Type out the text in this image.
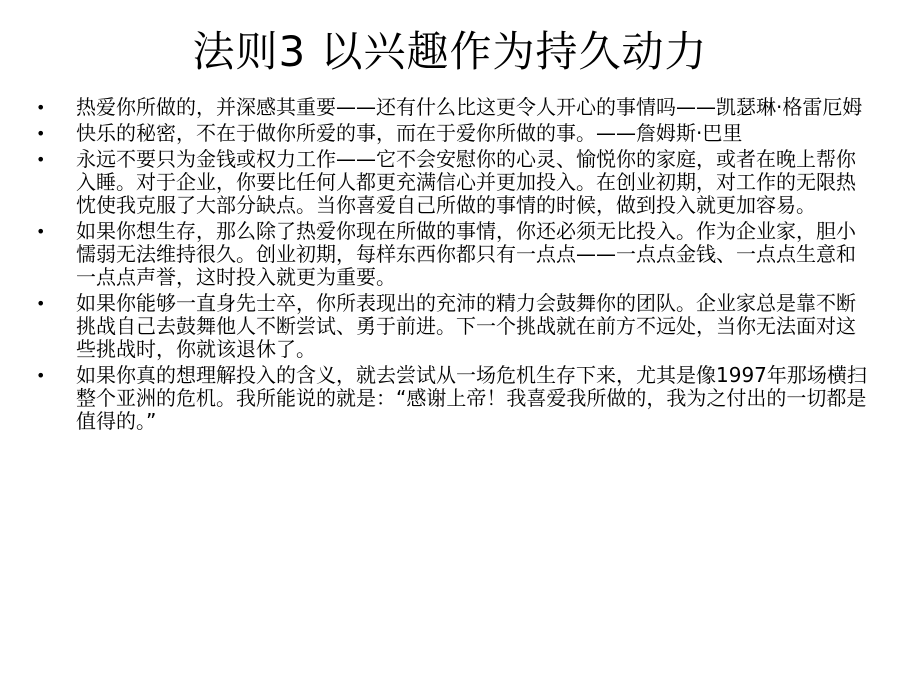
法则3 以兴趣作为持久动力
• 热爱你所做的，并深感其重要——还有什么比这更令人开心的事情吗——凯瑟琳·格雷厄姆
• 快乐的秘密，不在于做你所爱的事，而在于爱你所做的事。——詹姆斯·巴里
• 永远不要只为金钱或权力工作——它不会安慰你的心灵、愉悦你的家庭，或者在晚上帮你入睡。对于企业，你要比任何人都更充满信心并更加投入。在创业初期，对工作的无限热忱使我克服了大部分缺点。当你喜爱自己所做的事情的时候，做到投入就更加容易。
• 如果你想生存，那么除了热爱你现在所做的事情，你还必须无比投入。作为企业家，胆小懦弱无法维持很久。创业初期，每样东西你都只有一点点——一点点金钱、一点点生意和一点点声誉，这时投入就更为重要。
• 如果你能够一直身先士卒，你所表现出的充沛的精力会鼓舞你的团队。企业家总是靠不断挑战自己去鼓舞他人不断尝试、勇于前进。下一个挑战就在前方不远处，当你无法面对这些挑战时，你就该退休了。
• 如果你真的想理解投入的含义，就去尝试从一场危机生存下来，尤其是像1997年那场横扫整个亚洲的危机。我所能说的就是：“感谢上帝！我喜爱我所做的，我为之付出的一切都是值得的。”
